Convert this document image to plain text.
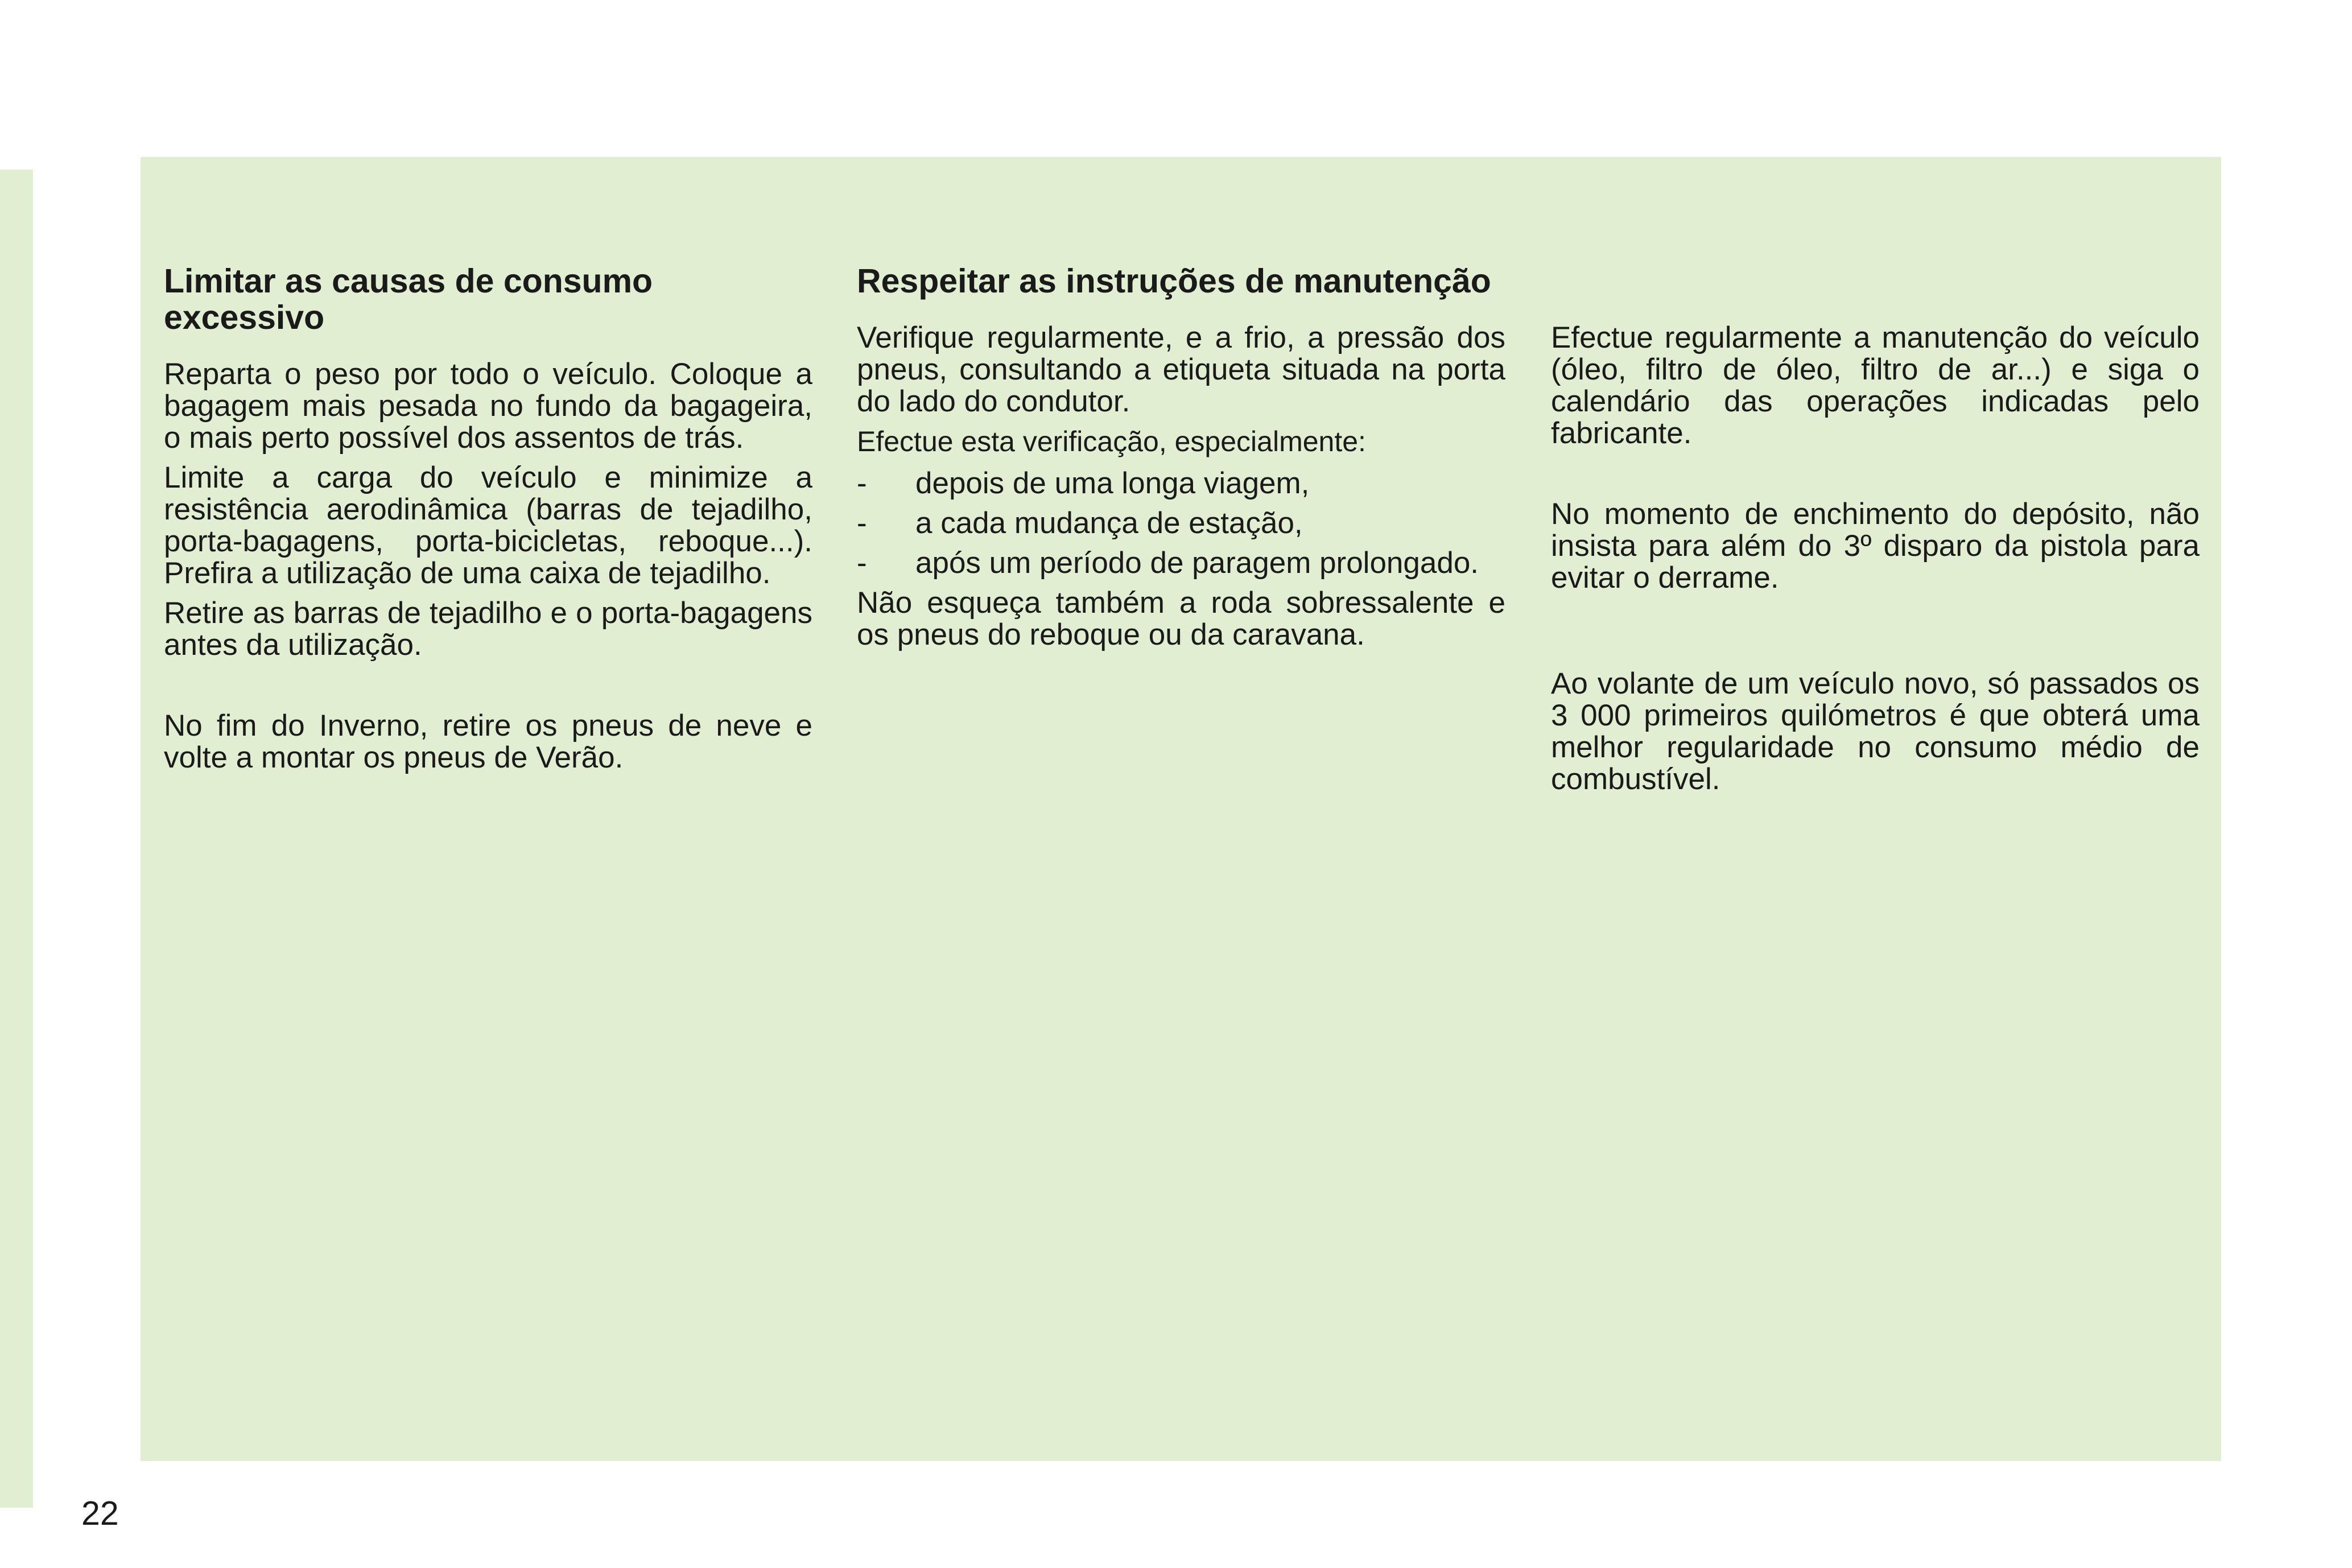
Limitar as causas de consumo excessivo

Reparta o peso por todo o veículo. Coloque a bagagem mais pesada no fundo da bagageira, o mais perto possível dos assentos de trás.

Limite a carga do veículo e minimize a resistência aerodinâmica (barras de tejadilho, porta-bagagens, porta-bicicletas, reboque...). Prefira a utilização de uma caixa de tejadilho.

Retire as barras de tejadilho e o porta-bagagens antes da utilização.

No fim do Inverno, retire os pneus de neve e volte a montar os pneus de Verão.

Respeitar as instruções de manutenção

Verifique regularmente, e a frio, a pressão dos pneus, consultando a etiqueta situada na porta do lado do condutor.

Efectue esta verificação, especialmente:

- depois de uma longa viagem,
- a cada mudança de estação,
- após um período de paragem prolongado.

Não esqueça também a roda sobressalente e os pneus do reboque ou da caravana.

Efectue regularmente a manutenção do veículo (óleo, filtro de óleo, filtro de ar...) e siga o calendário das operações indicadas pelo fabricante.

No momento de enchimento do depósito, não insista para além do 3º disparo da pistola para evitar o derrame.

Ao volante de um veículo novo, só passados os 3 000 primeiros quilómetros é que obterá uma melhor regularidade no consumo médio de combustível.

22
